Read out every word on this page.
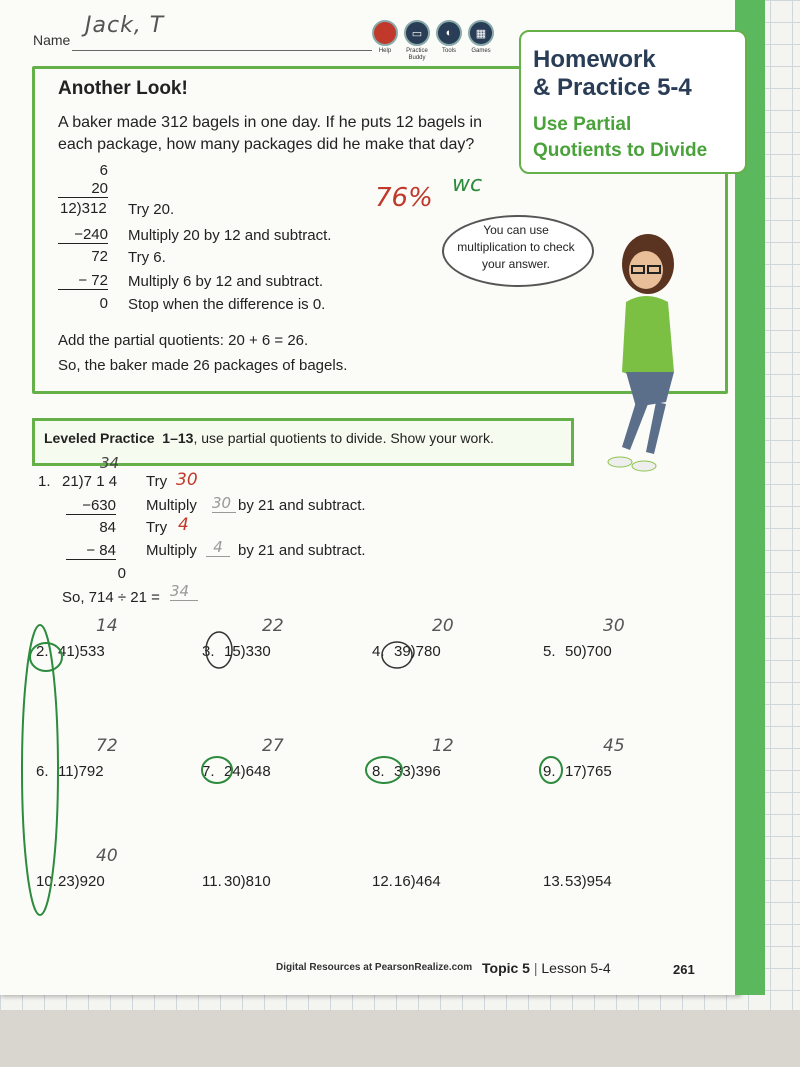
Name
Jack, T	▶
Help
▭
Practice Buddy
◐
Tools
▦
Games
Another Look!
A baker made 312 bagels in one day. If he puts 12 bagels in each package, how many packages did he make that day?
Homework
& Practice 5-4
Use Partial
Quotients to Divide
6
20
12)312 Try 20.
−240 Multiply 20 by 12 and subtract.
72 Try 6.
− 72 Multiply 6 by 12 and subtract.
0 Stop when the difference is 0.
Add the partial quotients: 20 + 6 = 26.
So, the baker made 26 packages of bagels.
76% wc
You can use multiplication to check your answer.
Leveled Practice 1–13, use partial quotients to divide. Show your work.
1. 21)7 1 4
34
Try 30
−630 Multiply 30 by 21 and subtract.
84 Try 4
− 84 Multiply	4	by 21 and subtract.
0
So, 714 ÷ 21 = 34
2. 41)533
14
3. 15)330
22
4. 39)780
20
5. 50)700
30
6. 11)792
72
7. 24)648
27
8. 33)396
12
9. 17)765
45
10. 23)920
40
11. 30)810	12. 16)464	13. 53)954
Digital Resources at PearsonRealize.com Topic 5 | Lesson 5-4	261
